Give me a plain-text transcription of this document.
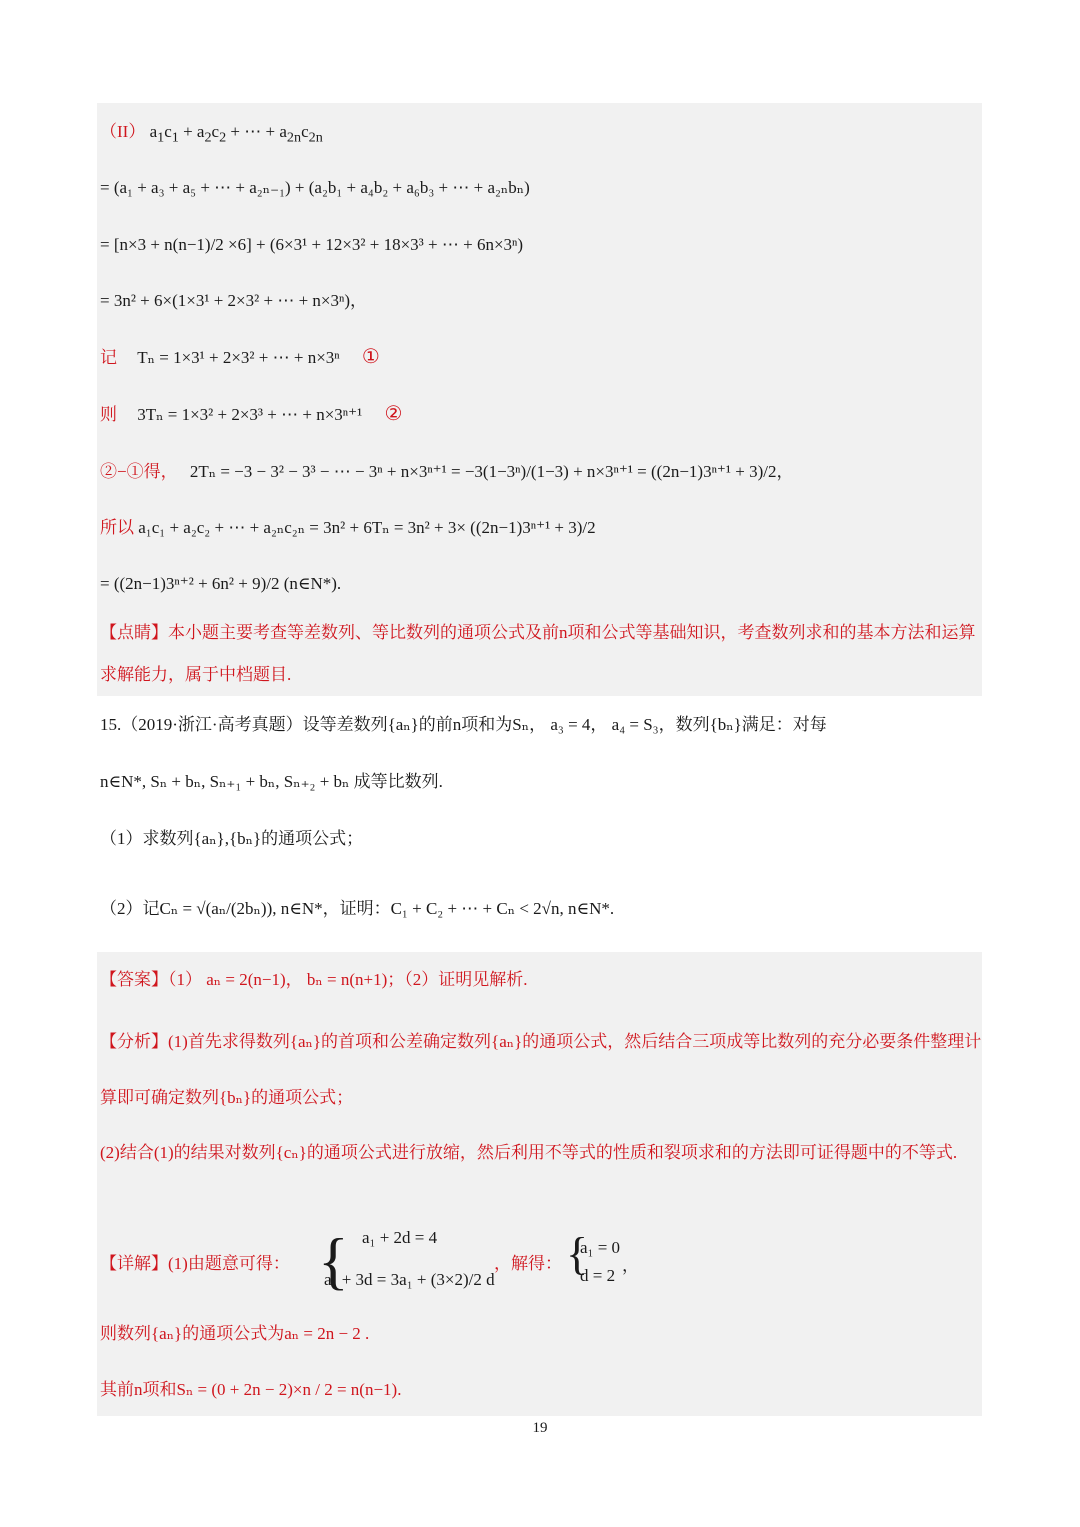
（II） $a_1c_1 + a_2c_2$ + ⋯ + $a_{2n}c_{2n}$
= (a₁ + a₃ + a₅ + ⋯ + a₂ₙ₋₁) + (a₂b₁ + a₄b₂ + a₆b₃ + ⋯ + a₂ₙbₙ)
= [n×3 + n(n−1)/2 ×6] + (6×3¹ + 12×3² + 18×3³ + ⋯ + 6n×3ⁿ)
= 3n² + 6×(1×3¹ + 2×3² + ⋯ + n×3ⁿ)，
记 Tₙ = 1×3¹ + 2×3² + ⋯ + n×3ⁿ ①
则 3Tₙ = 1×3² + 2×3³ + ⋯ + n×3ⁿ⁺¹ ②
②−①得， 2Tₙ = −3 − 3² − 3³ − ⋯ − 3ⁿ + n×3ⁿ⁺¹ = −3(1−3ⁿ)/(1−3) + n×3ⁿ⁺¹ = ((2n−1)3ⁿ⁺¹ + 3)/2，
所以 a₁c₁ + a₂c₂ + ⋯ + a₂ₙc₂ₙ = 3n² + 6Tₙ = 3n² + 3× ((2n−1)3ⁿ⁺¹ + 3)/2
= ((2n−1)3ⁿ⁺² + 6n² + 9)/2 (n∈N*).
【点睛】本小题主要考查等差数列、等比数列的通项公式及前n项和公式等基础知识，考查数列求和的基本方法和运算求解能力，属于中档题目.
15.（2019·浙江·高考真题）设等差数列{aₙ}的前n项和为Sₙ， a₃ = 4， a₄ = S₃，数列{bₙ}满足：对每
n∈N*, Sₙ + bₙ, Sₙ₊₁ + bₙ, Sₙ₊₂ + bₙ 成等比数列.
（1）求数列{aₙ},{bₙ}的通项公式；
（2）记Cₙ = √(aₙ/(2bₙ)), n∈N*，证明：C₁ + C₂ + ⋯ + Cₙ < 2√n, n∈N*.
【答案】（1） aₙ = 2(n−1)， bₙ = n(n+1)；（2）证明见解析.
【分析】(1)首先求得数列{aₙ}的首项和公差确定数列{aₙ}的通项公式，然后结合三项成等比数列的充分必要条件整理计算即可确定数列{bₙ}的通项公式；
(2)结合(1)的结果对数列{cₙ}的通项公式进行放缩，然后利用不等式的性质和裂项求和的方法即可证得题中的不等式.
【详解】(1)由题意可得： { a₁ + 2d = 4
a₁ + 3d = 3a₁ + (3×2)/2 d
，解得： {
a₁ = 0
d = 2
，
则数列{aₙ}的通项公式为aₙ = 2n − 2 .
其前n项和Sₙ = (0 + 2n − 2)×n / 2 = n(n−1).
19
